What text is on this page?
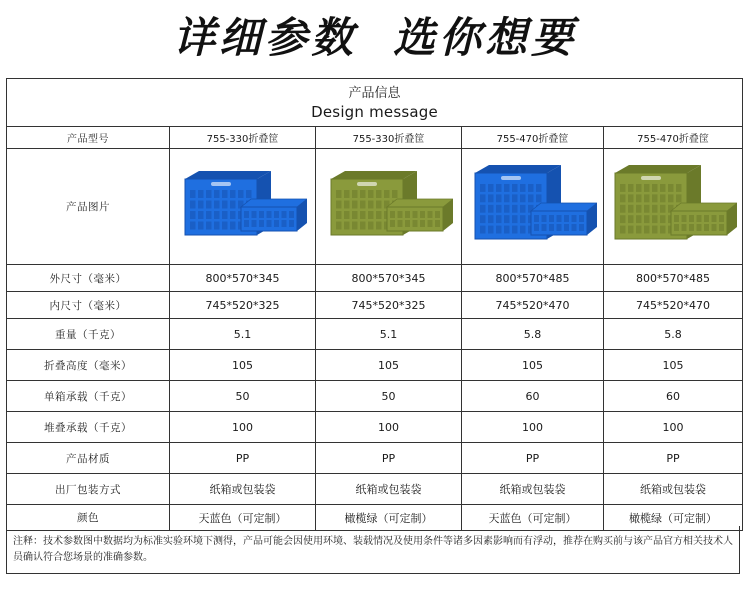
详细参数 选你想要
产品信息
Design message				

产品型号	755-330折叠筐	755-330折叠筐	755-470折叠筐	755-470折叠筐
产品图片	

外尺寸（毫米）	800*570*345	800*570*345	800*570*485	800*570*485
内尺寸（毫米）	745*520*325	745*520*325	745*520*470	745*520*470
重量（千克）	5.1	5.1	5.8	5.8
折叠高度（毫米）	105	105	105	105
单箱承载（千克）	50	50	60	60
堆叠承载（千克）	100	100	100	100
产品材质	PP	PP	PP	PP
出厂包装方式	纸箱或包装袋	纸箱或包装袋	纸箱或包装袋	纸箱或包装袋
颜色	天蓝色（可定制）	橄榄绿（可定制）	天蓝色（可定制）	橄榄绿（可定制）
注释：技术参数图中数据均为标准实验环境下测得，产品可能会因使用环境、装载情况及使用条件等诸多因素影响而有浮动，推荐在购买前与该产品官方相关技术人员确认符合您场景的准确参数。
